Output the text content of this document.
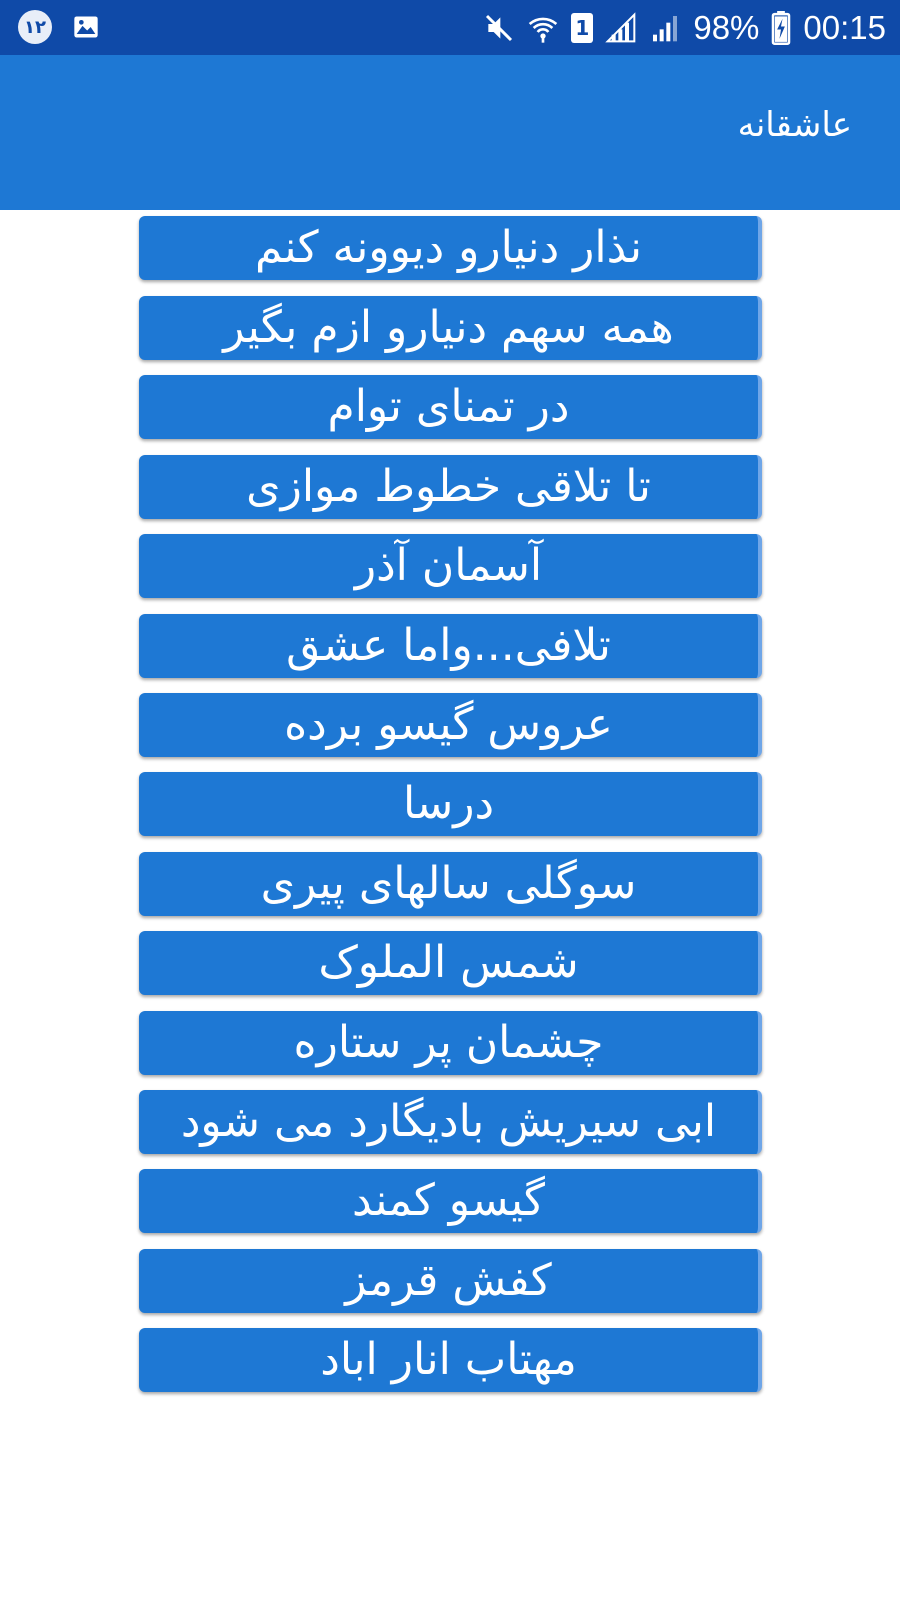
١٢	1	98% 00:15
عاشقانه
نذار دنیارو دیوونه کنم
همه سهم دنیارو ازم بگیر
در تمنای توام
تا تلاقی خطوط موازی
آسمان آذر
تلافی...واما عشق
عروس گیسو برده
درسا
سوگلی سالهای پیری
شمس الملوک
چشمان پر ستاره
ابی سیریش بادیگارد می شود
گیسو کمند
کفش قرمز
مهتاب انار اباد
